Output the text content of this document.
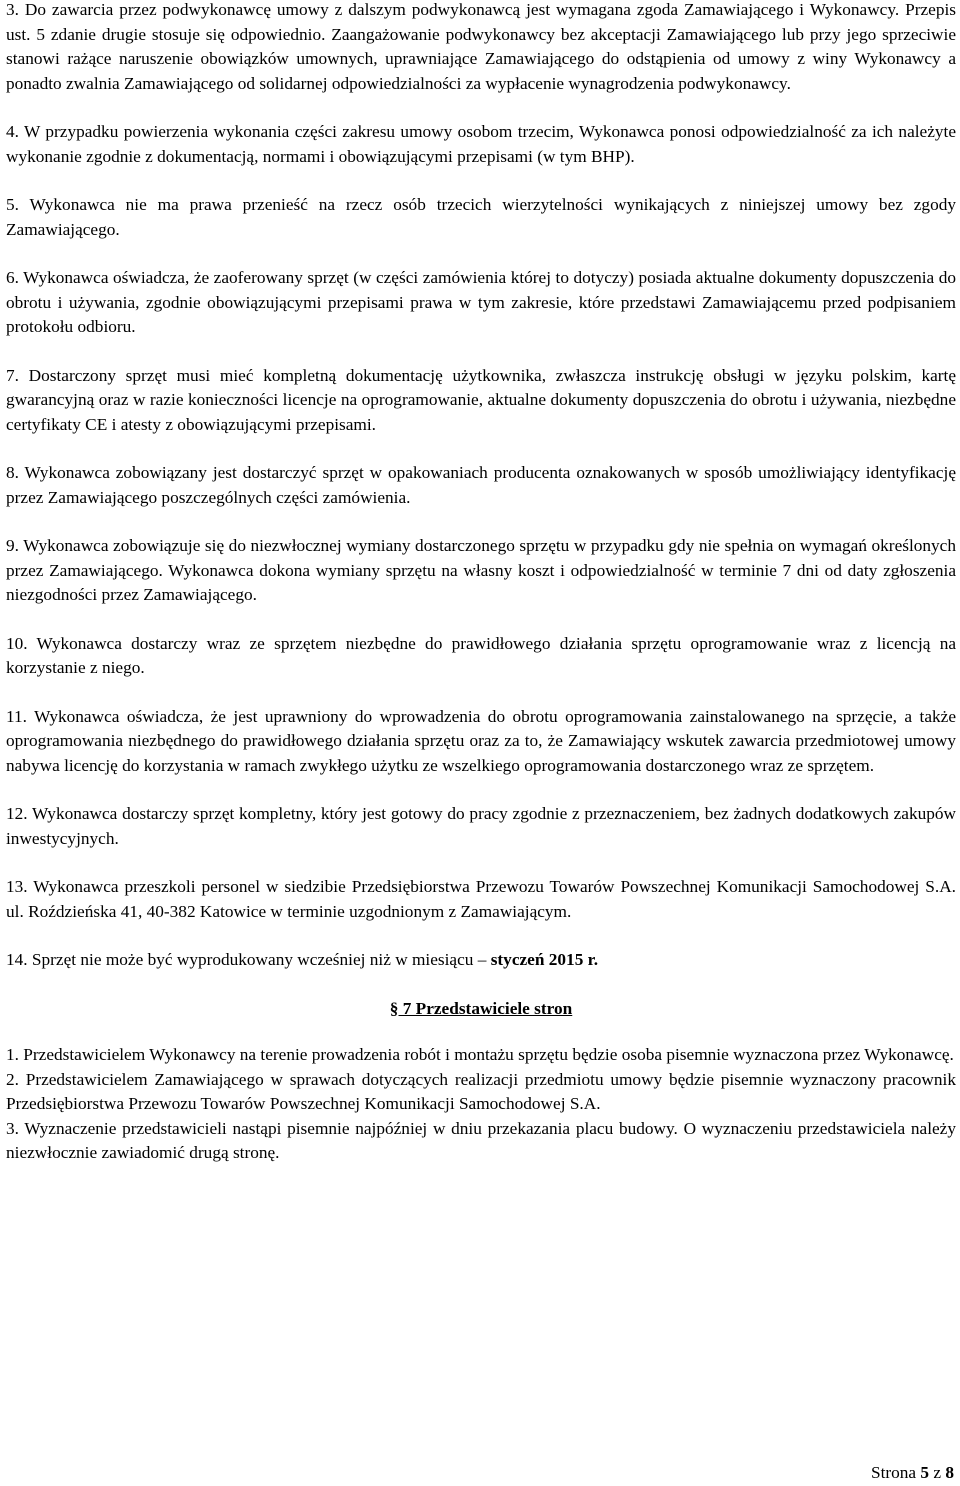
3. Do zawarcia przez podwykonawcę umowy z dalszym podwykonawcą jest wymagana zgoda Zamawiającego i Wykonawcy. Przepis ust. 5 zdanie drugie stosuje się odpowiednio. Zaangażowanie podwykonawcy bez akceptacji Zamawiającego lub przy jego sprzeciwie stanowi rażące naruszenie obowiązków umownych, uprawniające Zamawiającego do odstąpienia od umowy z winy Wykonawcy a ponadto zwalnia Zamawiającego od solidarnej odpowiedzialności za wypłacenie wynagrodzenia podwykonawcy.

4. W przypadku powierzenia wykonania części zakresu umowy osobom trzecim, Wykonawca ponosi odpowiedzialność za ich należyte wykonanie zgodnie z dokumentacją, normami i obowiązującymi przepisami (w tym BHP).

5. Wykonawca nie ma prawa przenieść na rzecz osób trzecich wierzytelności wynikających z niniejszej umowy bez zgody Zamawiającego.

6. Wykonawca oświadcza, że zaoferowany sprzęt (w części zamówienia której to dotyczy) posiada aktualne dokumenty dopuszczenia do obrotu i używania, zgodnie obowiązującymi przepisami prawa w tym zakresie, które przedstawi Zamawiającemu przed podpisaniem protokołu odbioru.

7. Dostarczony sprzęt musi mieć kompletną dokumentację użytkownika, zwłaszcza instrukcję obsługi w języku polskim, kartę gwarancyjną oraz w razie konieczności licencje na oprogramowanie, aktualne dokumenty dopuszczenia do obrotu i używania, niezbędne certyfikaty CE i atesty z obowiązującymi przepisami.

8. Wykonawca zobowiązany jest dostarczyć sprzęt w opakowaniach producenta oznakowanych w sposób umożliwiający identyfikację przez Zamawiającego poszczególnych części zamówienia.

9. Wykonawca zobowiązuje się do niezwłocznej wymiany dostarczonego sprzętu w przypadku gdy nie spełnia on wymagań określonych przez Zamawiającego. Wykonawca dokona wymiany sprzętu na własny koszt i odpowiedzialność w terminie 7 dni od daty zgłoszenia niezgodności przez Zamawiającego.

10. Wykonawca dostarczy wraz ze sprzętem niezbędne do prawidłowego działania sprzętu oprogramowanie wraz z licencją na korzystanie z niego.

11. Wykonawca oświadcza, że jest uprawniony do wprowadzenia do obrotu oprogramowania zainstalowanego na sprzęcie, a także oprogramowania niezbędnego do prawidłowego działania sprzętu oraz za to, że Zamawiający wskutek zawarcia przedmiotowej umowy nabywa licencję do korzystania w ramach zwykłego użytku ze wszelkiego oprogramowania dostarczonego wraz ze sprzętem.

12. Wykonawca dostarczy sprzęt kompletny, który jest gotowy do pracy zgodnie z przeznaczeniem, bez żadnych dodatkowych zakupów inwestycyjnych.

13. Wykonawca przeszkoli personel w siedzibie Przedsiębiorstwa Przewozu Towarów Powszechnej Komunikacji Samochodowej S.A. ul. Roździeńska 41, 40-382 Katowice w terminie uzgodnionym z Zamawiającym.

14. Sprzęt nie może być wyprodukowany wcześniej niż w miesiącu – styczeń 2015 r.

§ 7 Przedstawiciele stron

1. Przedstawicielem Wykonawcy na terenie prowadzenia robót i montażu sprzętu będzie osoba pisemnie wyznaczona przez Wykonawcę.

2. Przedstawicielem Zamawiającego w sprawach dotyczących realizacji przedmiotu umowy będzie pisemnie wyznaczony pracownik Przedsiębiorstwa Przewozu Towarów Powszechnej Komunikacji Samochodowej S.A.

3. Wyznaczenie przedstawicieli nastąpi pisemnie najpóźniej w dniu przekazania placu budowy. O wyznaczeniu przedstawiciela należy niezwłocznie zawiadomić drugą stronę.

Strona 5 z 8
